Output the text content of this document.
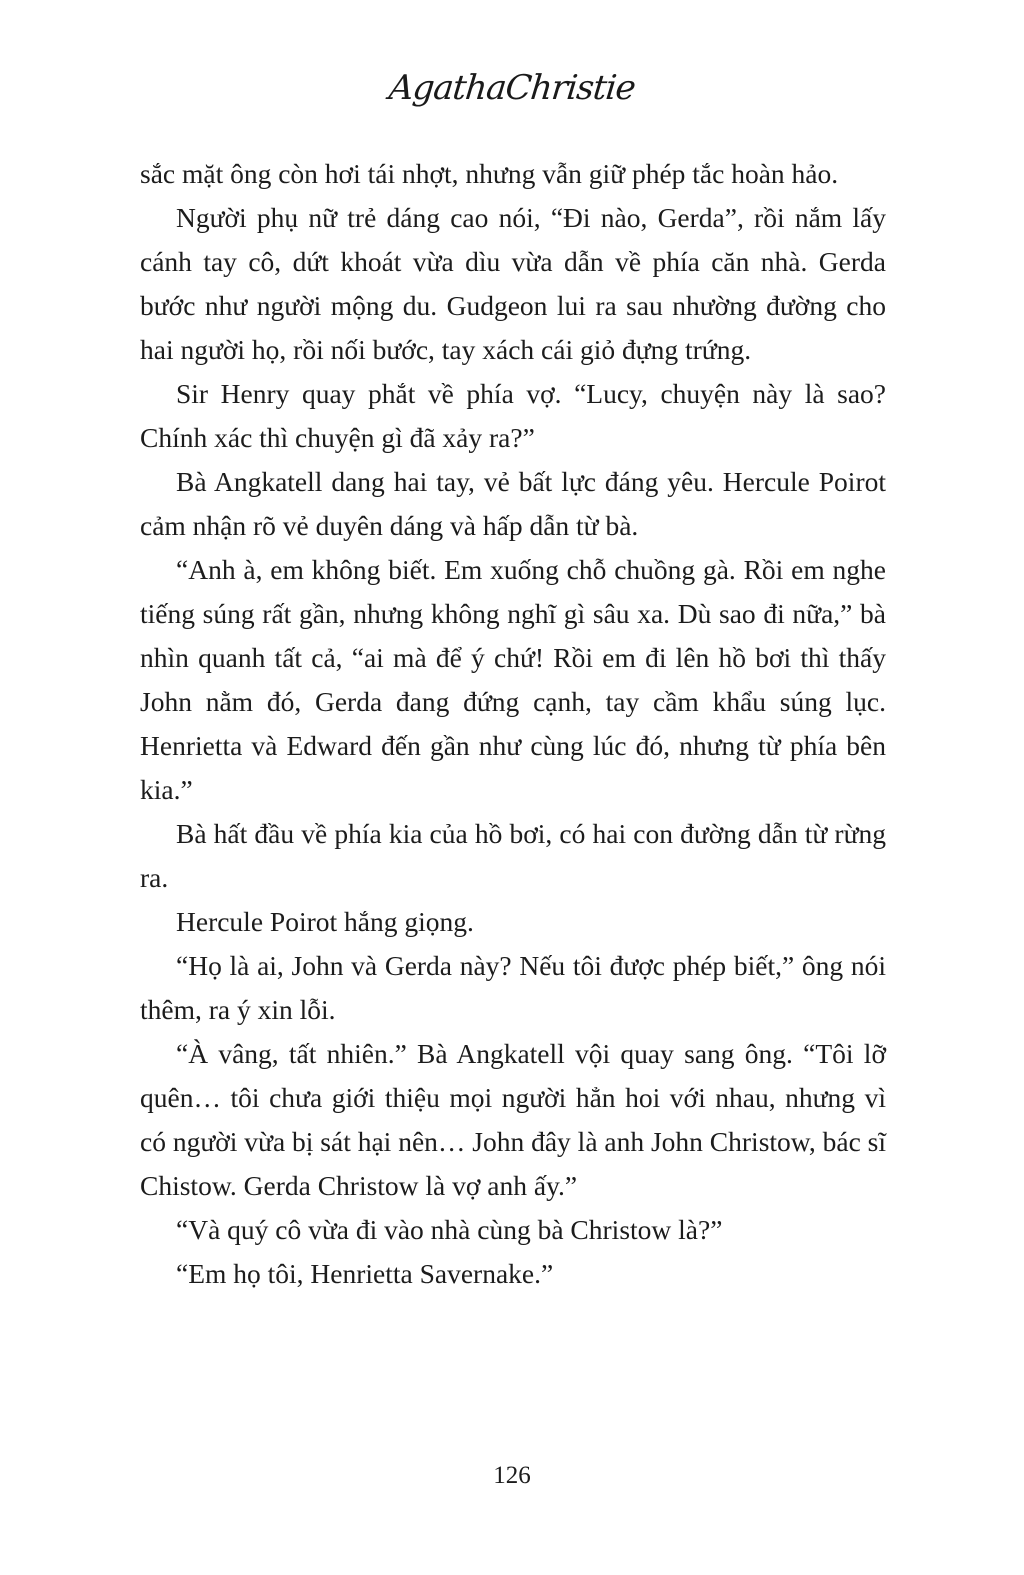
AgathaChristie

sắc mặt ông còn hơi tái nhợt, nhưng vẫn giữ phép tắc hoàn hảo.

Người phụ nữ trẻ dáng cao nói, “Đi nào, Gerda”, rồi nắm lấy cánh tay cô, dứt khoát vừa dìu vừa dẫn về phía căn nhà. Gerda bước như người mộng du. Gudgeon lui ra sau nhường đường cho hai người họ, rồi nối bước, tay xách cái giỏ đựng trứng.

Sir Henry quay phắt về phía vợ. “Lucy, chuyện này là sao? Chính xác thì chuyện gì đã xảy ra?”

Bà Angkatell dang hai tay, vẻ bất lực đáng yêu. Hercule Poirot cảm nhận rõ vẻ duyên dáng và hấp dẫn từ bà.

“Anh à, em không biết. Em xuống chỗ chuồng gà. Rồi em nghe tiếng súng rất gần, nhưng không nghĩ gì sâu xa. Dù sao đi nữa,” bà nhìn quanh tất cả, “ai mà để ý chứ! Rồi em đi lên hồ bơi thì thấy John nằm đó, Gerda đang đứng cạnh, tay cầm khẩu súng lục. Henrietta và Edward đến gần như cùng lúc đó, nhưng từ phía bên kia.”

Bà hất đầu về phía kia của hồ bơi, có hai con đường dẫn từ rừng ra.

Hercule Poirot hắng giọng.

“Họ là ai, John và Gerda này? Nếu tôi được phép biết,” ông nói thêm, ra ý xin lỗi.

“À vâng, tất nhiên.” Bà Angkatell vội quay sang ông. “Tôi lỡ quên… tôi chưa giới thiệu mọi người hẳn hoi với nhau, nhưng vì có người vừa bị sát hại nên… John đây là anh John Christow, bác sĩ Chistow. Gerda Christow là vợ anh ấy.”

“Và quý cô vừa đi vào nhà cùng bà Christow là?”

“Em họ tôi, Henrietta Savernake.”

126
